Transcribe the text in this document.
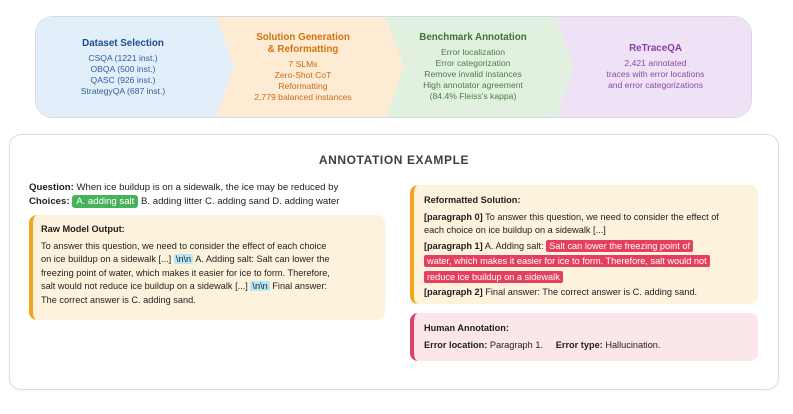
Dataset Selection
CSQA (1221 inst.)
OBQA (500 inst.)
QASC (926 inst.)
StrategyQA (687 inst.)
Solution Generation
& Reformatting
7 SLMs
Zero-Shot CoT
Reformatting
2,779 balanced instances
Benchmark Annotation
Error localization
Error categorization
Remove invalid instances
High annotator agreement
(84.4% Fleiss's kappa)
ReTraceQA
2,421 annotated
traces with error locations
and error categorizations
ANNOTATION EXAMPLE
Question: When ice buildup is on a sidewalk, the ice may be reduced by
Choices: A. adding salt B. adding litter C. adding sand D. adding water
Raw Model Output:
To answer this question, we need to consider the effect of each choice
on ice buildup on a sidewalk [...] \n\n A. Adding salt: Salt can lower the
freezing point of water, which makes it easier for ice to form. Therefore,
salt would not reduce ice buildup on a sidewalk [...] \n\n Final answer:
The correct answer is C. adding sand.
Reformatted Solution:
[paragraph 0] To answer this question, we need to consider the effect of
each choice on ice buildup on a sidewalk [...]
[paragraph 1] A. Adding salt: Salt can lower the freezing point of
water, which makes it easier for ice to form. Therefore, salt would not
reduce ice buildup on a sidewalk
[paragraph 2] Final answer: The correct answer is C. adding sand.
Human Annotation:
Error location: Paragraph 1. Error type: Hallucination.
